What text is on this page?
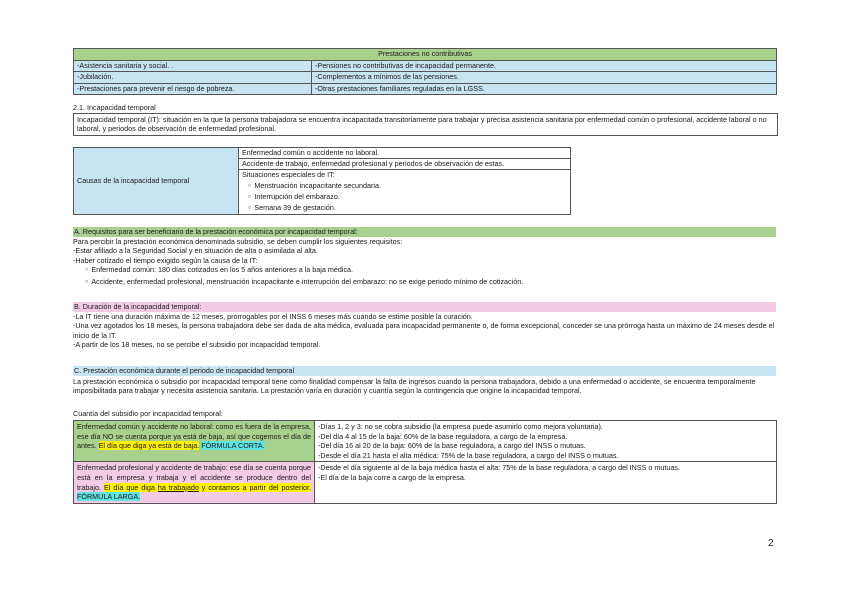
Prestaciones no contributivas	
-Asistencia sanitaria y social. .	-Pensiones no contributivas de incapacidad permanente.
-Jubilación.	-Complementos a mínimos de las pensiones.
-Prestaciones para prevenir el riesgo de pobreza.	-Otras prestaciones familiares reguladas en la LGSS.
2.1. Incapacidad temporal
Incapacidad temporal (IT): situación en la que la persona trabajadora se encuentra incapacitada transitoriamente para trabajar y precisa asistencia sanitaria por enfermedad común o profesional, accidente laboral o no laboral, y periodos de observación de enfermedad profesional.
Causas de la incapacidad temporal	Enfermedad común o accidente no laboral.
Accidente de trabajo, enfermedad profesional y periodos de observación de estas.

Situaciones especiales de IT:
○ Menstruación incapacitante secundaria.
○ Interrupción del embarazo.
○ Semana 39 de gestación.
A. Requisitos para ser beneficiario de la prestación económica por incapacidad temporal:
Para percibir la prestación económica denominada subsidio, se deben cumplir los siguientes requisitos:
-Estar afiliado a la Seguridad Social y en situación de alta o asimilada al alta.
-Haber cotizado el tiempo exigido según la causa de la IT:
○ Enfermedad común: 180 días cotizados en los 5 años anteriores a la baja médica.
○ Accidente, enfermedad profesional, menstruación incapacitante e interrupción del embarazo: no se exige periodo mínimo de cotización.
B. Duración de la incapacidad temporal:
-La IT tiene una duración máxima de 12 meses, prorrogables por el INSS 6 meses más cuando se estime posible la curación.
-Una vez agotados los 18 meses, la persona trabajadora debe ser dada de alta médica, evaluada para incapacidad permanente o, de forma excepcional, conceder se una prórroga hasta un máximo de 24 meses desde el inicio de la IT.
-A partir de los 18 meses, no se percibe el subsidio por incapacidad temporal.
C. Prestación económica durante el periodo de incapacidad temporal
La prestación económica o subsidio por incapacidad temporal tiene como finalidad compensar la falta de ingresos cuando la persona trabajadora, debido a una enfermedad o accidente, se encuentra temporalmente imposibilitada para trabajar y necesita asistencia sanitaria. La prestación varía en duración y cuantía según la contingencia que origine la incapacidad temporal.
Cuantía del subsidio por incapacidad temporal:
Enfermedad común y accidente no laboral: como es fuera de la empresa, ese día NO se cuenta porque ya está de baja, así que cogemos el día de antes. El día que diga ya está de baja. FÓRMULA CORTA.	-Días 1, 2 y 3: no se cobra subsidio (la empresa puede asumirlo como mejora voluntaria).
-Del día 4 al 15 de la baja: 60% de la base reguladora, a cargo de la empresa.
-Del día 16 al 20 de la baja: 60% de la base reguladora, a cargo del INSS o mutuas.
-Desde el día 21 hasta el alta médica: 75% de la base reguladora, a cargo del INSS o mutuas.

Enfermedad profesional y accidente de trabajo: ese día se cuenta porque está en la empresa y trabaja y el accidente se produce dentro del trabajo. El día que diga ha trabajado y contamos a partir del posterior. FÓRMULA LARGA.	-Desde el día siguiente al de la baja médica hasta el alta: 75% de la base reguladora, a cargo del INSS o mutuas.
-El día de la baja corre a cargo de la empresa.
2
